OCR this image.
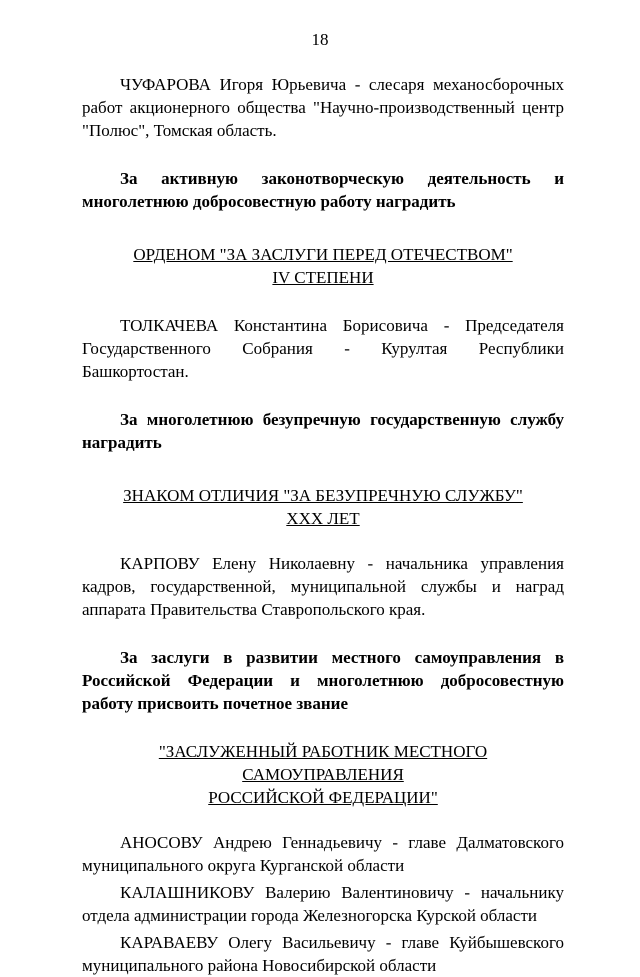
18

ЧУФАРОВА Игоря Юрьевича - слесаря механосборочных работ акционерного общества "Научно-производственный центр "Полюс", Томская область.

За активную законотворческую деятельность и многолетнюю добросовестную работу наградить

ОРДЕНОМ "ЗА ЗАСЛУГИ ПЕРЕД ОТЕЧЕСТВОМ"

IV СТЕПЕНИ

ТОЛКАЧЕВА Константина Борисовича - Председателя Государственного Собрания - Курултая Республики Башкортостан.

За многолетнюю безупречную государственную службу наградить

ЗНАКОМ ОТЛИЧИЯ "ЗА БЕЗУПРЕЧНУЮ СЛУЖБУ"

XXX ЛЕТ

КАРПОВУ Елену Николаевну - начальника управления кадров, государственной, муниципальной службы и наград аппарата Правительства Ставропольского края.

За заслуги в развитии местного самоуправления в Российской Федерации и многолетнюю добросовестную работу присвоить почетное звание

"ЗАСЛУЖЕННЫЙ РАБОТНИК МЕСТНОГО САМОУПРАВЛЕНИЯ

РОССИЙСКОЙ ФЕДЕРАЦИИ"

АНОСОВУ Андрею Геннадьевичу - главе Далматовского муниципального округа Курганской области

КАЛАШНИКОВУ Валерию Валентиновичу - начальнику отдела администрации города Железногорска Курской области

КАРАВАЕВУ Олегу Васильевичу - главе Куйбышевского муниципального района Новосибирской области
